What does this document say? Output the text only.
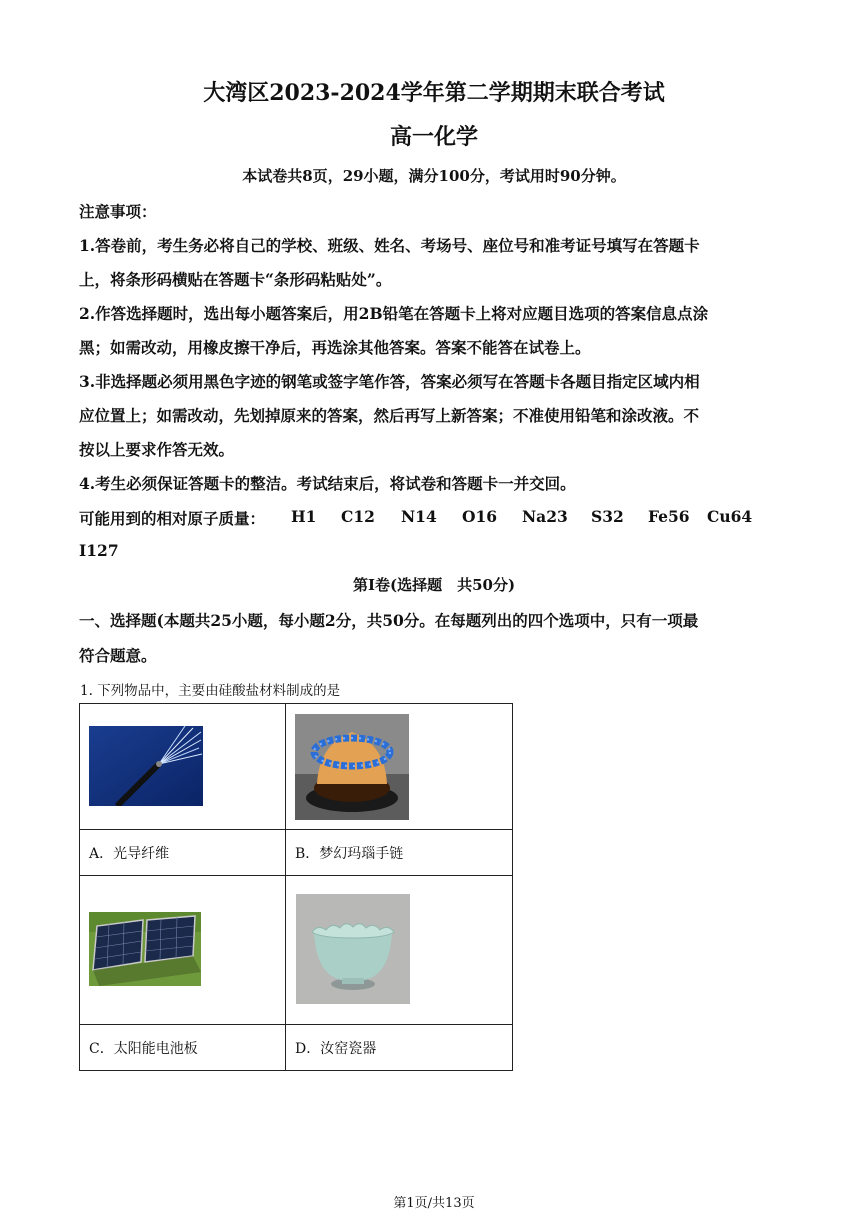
大湾区2023-2024学年第二学期期末联合考试
高一化学
本试卷共8页，29小题，满分100分，考试用时90分钟。
注意事项：
1.答卷前，考生务必将自己的学校、班级、姓名、考场号、座位号和准考证号填写在答题卡
上，将条形码横贴在答题卡“条形码粘贴处”。
2.作答选择题时，选出每小题答案后，用2B铅笔在答题卡上将对应题目选项的答案信息点涂
黑；如需改动，用橡皮擦干净后，再选涂其他答案。答案不能答在试卷上。
3.非选择题必须用黑色字迹的钢笔或签字笔作答，答案必须写在答题卡各题目指定区域内相
应位置上；如需改动，先划掉原来的答案，然后再写上新答案；不准使用铅笔和涂改液。不
按以上要求作答无效。
4.考生必须保证答题卡的整洁。考试结束后，将试卷和答题卡一并交回。
可能用到的相对原子质量： H1 C12 N14 O16 Na23 S32 Fe56 Cu64
I127
第Ⅰ卷(选择题　共50分)
一、选择题(本题共25小题，每小题2分，共50分。在每题列出的四个选项中，只有一项最
符合题意。
1. 下列物品中，主要由硅酸盐材料制成的是

A．光导纤维	B．梦幻玛瑙手链

C．太阳能电池板	D．汝窑瓷器
第1页/共13页
